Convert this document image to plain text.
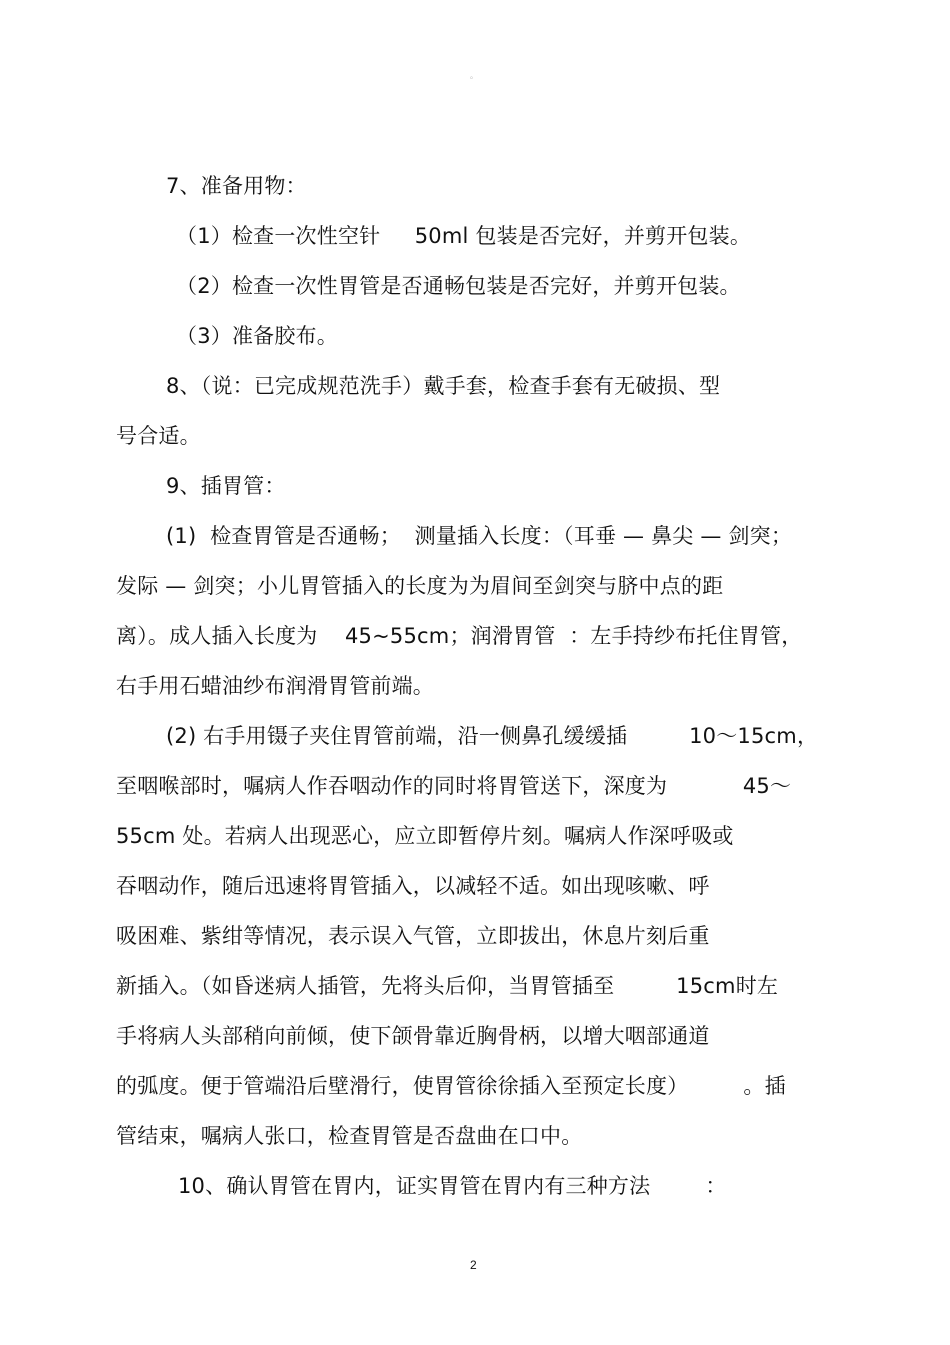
。
7、准备用物：
（1）检查一次性空针     50ml 包装是否完好，并剪开包装。
（2）检查一次性胃管是否通畅包装是否完好，并剪开包装。
（3）准备胶布。
8、（说：已完成规范洗手）戴手套，检查手套有无破损、型
号合适。
9、插胃管：
(1)  检查胃管是否通畅；  测量插入长度：（耳垂 — 鼻尖 — 剑突；
发际 — 剑突；小儿胃管插入的长度为为眉间至剑突与脐中点的距
离）。成人插入长度为    45~55cm；润滑胃管  ：左手持纱布托住胃管，
右手用石蜡油纱布润滑胃管前端。
(2) 右手用镊子夹住胃管前端，沿一侧鼻孔缓缓插         10～15cm，
至咽喉部时，嘱病人作吞咽动作的同时将胃管送下，深度为           45～
55cm 处。若病人出现恶心，应立即暂停片刻。嘱病人作深呼吸或
吞咽动作，随后迅速将胃管插入，以减轻不适。如出现咳嗽、呼
吸困难、紫绀等情况，表示误入气管，立即拔出，休息片刻后重
新插入。（如昏迷病人插管，先将头后仰，当胃管插至         15cm时左
手将病人头部稍向前倾，使下颌骨靠近胸骨柄，以增大咽部通道
的弧度。便于管端沿后壁滑行，使胃管徐徐插入至预定长度）        。插
管结束，嘱病人张口，检查胃管是否盘曲在口中。
10、确认胃管在胃内，证实胃管在胃内有三种方法        ：
2
